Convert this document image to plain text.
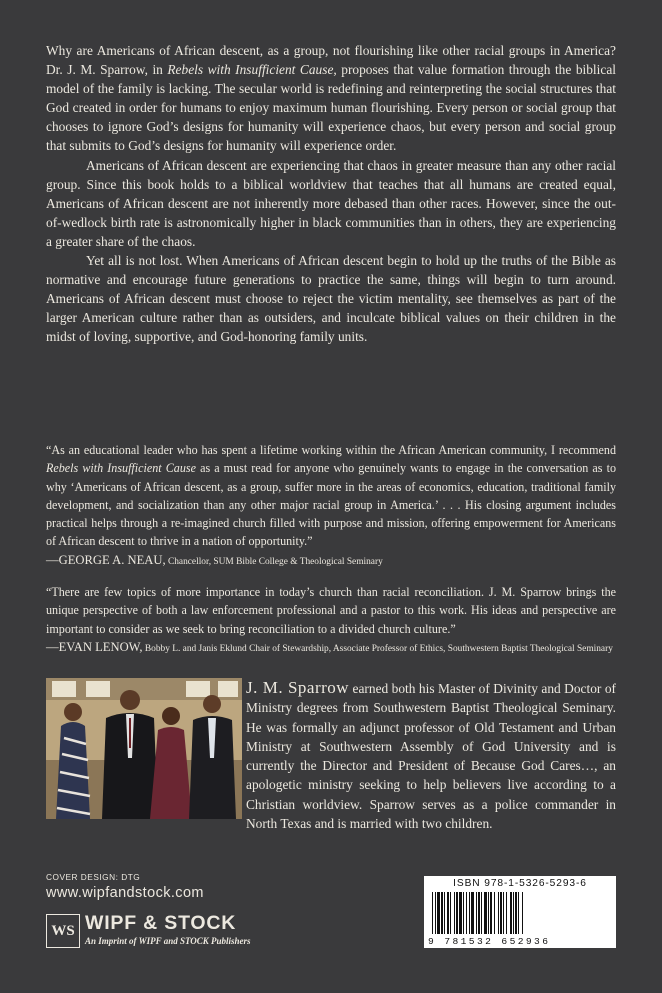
Why are Americans of African descent, as a group, not flourishing like other racial groups in America? Dr. J. M. Sparrow, in Rebels with Insufficient Cause, proposes that value formation through the biblical model of the family is lacking. The secular world is redefining and reinterpreting the social structures that God created in order for humans to enjoy maximum human flourishing. Every person or social group that chooses to ignore God’s designs for humanity will experience chaos, but every person and social group that submits to God’s designs for humanity will experience order.

Americans of African descent are experiencing that chaos in greater measure than any other racial group. Since this book holds to a biblical worldview that teaches that all humans are created equal, Americans of African descent are not inherently more debased than other races. However, since the out-of-wedlock birth rate is astronomically higher in black communities than in others, they are experiencing a greater share of the chaos.

Yet all is not lost. When Americans of African descent begin to hold up the truths of the Bible as normative and encourage future generations to practice the same, things will begin to turn around. Americans of African descent must choose to reject the victim mentality, see themselves as part of the larger American culture rather than as outsiders, and inculcate biblical values on their children in the midst of loving, supportive, and God-honoring family units.

“As an educational leader who has spent a lifetime working within the African American community, I recommend Rebels with Insufficient Cause as a must read for anyone who genuinely wants to engage in the conversation as to why ‘Americans of African descent, as a group, suffer more in the areas of economics, education, traditional family development, and socialization than any other major racial group in America.’ . . . His closing argument includes practical helps through a re-imagined church filled with purpose and mission, offering empowerment for Americans of African descent to thrive in a nation of opportunity.”

—GEORGE A. NEAU, Chancellor, SUM Bible College & Theological Seminary

“There are few topics of more importance in today’s church than racial reconciliation. J. M. Sparrow brings the unique perspective of both a law enforcement professional and a pastor to this work. His ideas and perspective are important to consider as we seek to bring reconciliation to a divided church culture.”

—EVAN LENOW, Bobby L. and Janis Eklund Chair of Stewardship, Associate Professor of Ethics, Southwestern Baptist Theological Seminary

J. M. Sparrow earned both his Master of Divinity and Doctor of Ministry degrees from Southwestern Baptist Theological Seminary. He was formally an adjunct professor of Old Testament and Urban Ministry at Southwestern Assembly of God University and is currently the Director and President of Because God Cares…, an apologetic ministry seeking to help believers live according to a Christian worldview. Sparrow serves as a police commander in North Texas and is married with two children.
COVER DESIGN: DTG
www.wipfandstock.com
WS WIPF & STOCK
An Imprint of WIPF and STOCK Publishers
ISBN 978-1-5326-5293-6
9 781532 652936
